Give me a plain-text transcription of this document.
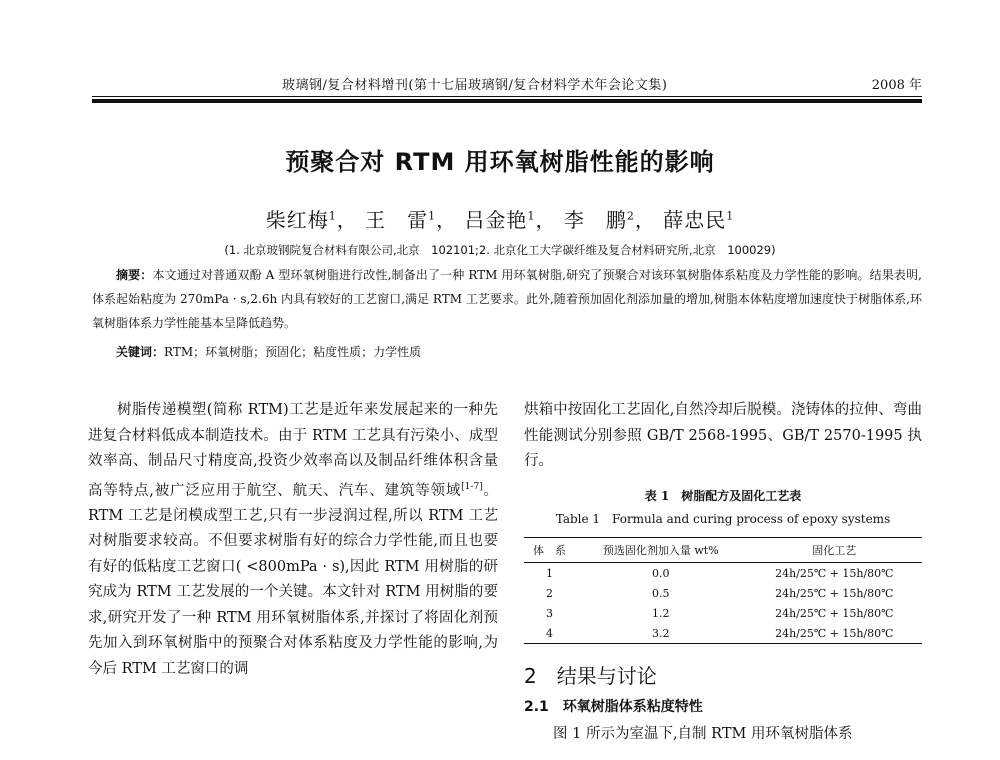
玻璃钢/复合材料增刊(第十七届玻璃钢/复合材料学术年会论文集)	2008 年
预聚合对 RTM 用环氧树脂性能的影响
柴红梅$^1$， 王　雷$^1$， 吕金艳$^1$， 李　鹏$^2$， 薛忠民$^1$
(1. 北京玻钢院复合材料有限公司,北京　102101;2. 北京化工大学碳纤维及复合材料研究所,北京　100029)
摘要：本文通过对普通双酚 A 型环氧树脂进行改性,制备出了一种 RTM 用环氧树脂,研究了预聚合对该环氧树脂体系粘度及力学性能的影响。结果表明,体系起始粘度为 270mPa · s,2.6h 内具有较好的工艺窗口,满足 RTM 工艺要求。此外,随着预加固化剂添加量的增加,树脂本体粘度增加速度快于树脂体系,环氧树脂体系力学性能基本呈降低趋势。
关键词：RTM；环氧树脂；预固化；粘度性质；力学性质

树脂传递模塑(简称 RTM)工艺是近年来发展起来的一种先进复合材料低成本制造技术。由于 RTM 工艺具有污染小、成型效率高、制品尺寸精度高,投资少效率高以及制品纤维体积含量高等特点,被广泛应用于航空、航天、汽车、建筑等领域[1-7]。RTM 工艺是闭模成型工艺,只有一步浸润过程,所以 RTM 工艺对树脂要求较高。不但要求树脂有好的综合力学性能,而且也要有好的低粘度工艺窗口( <800mPa · s),因此 RTM 用树脂的研究成为 RTM 工艺发展的一个关键。本文针对 RTM 用树脂的要求,研究开发了一种 RTM 用环氧树脂体系,并探讨了将固化剂预先加入到环氧树脂中的预聚合对体系粘度及力学性能的影响,为今后 RTM 工艺窗口的调

烘箱中按固化工艺固化,自然冷却后脱模。浇铸体的拉伸、弯曲性能测试分别参照 GB/T 2568-1995、GB/T 2570-1995 执行。

表 1　树脂配方及固化工艺表
Table 1　Formula and curing process of epoxy systems
体　系	预选固化剂加入量 wt%	固化工艺
1	0.0	24h/25℃ + 15h/80℃
2	0.5	24h/25℃ + 15h/80℃
3	1.2	24h/25℃ + 15h/80℃
4	3.2	24h/25℃ + 15h/80℃
2　结果与讨论
2.1　环氧树脂体系粘度特性
图 1 所示为室温下,自制 RTM 用环氧树脂体系
